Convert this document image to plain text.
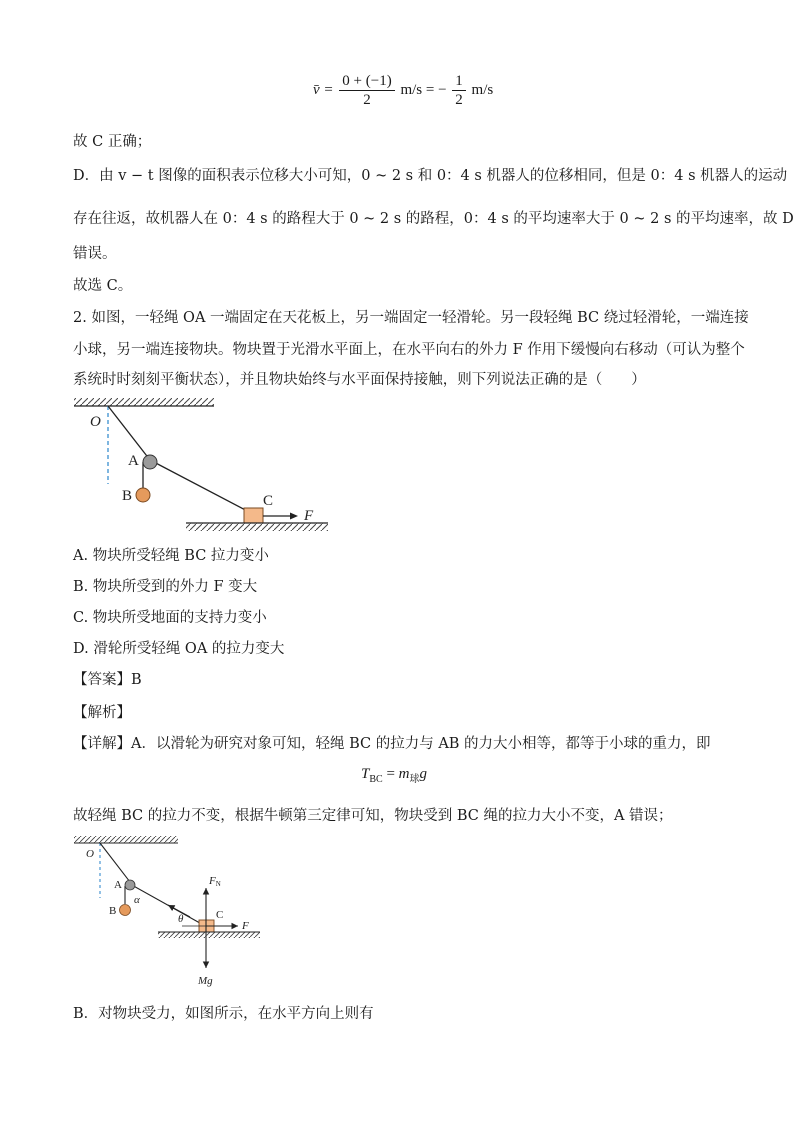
v̄ = $\frac{0 + (-1)}{2} m/s$ = − $\frac{1}{2} m/s$
故 C 正确；
D．由 v − t 图像的面积表示位移大小可知，0 ~ 2 s 和 0：4 s 机器人的位移相同，但是 0：4 s 机器人的运动
存在往返，故机器人在 0：4 s 的路程大于 0 ~ 2 s 的路程，0：4 s 的平均速率大于 0 ~ 2 s 的平均速率，故 D
错误。
故选 C。
2. 如图，一轻绳 OA 一端固定在天花板上，另一端固定一轻滑轮。另一段轻绳 BC 绕过轻滑轮，一端连接
小球，另一端连接物块。物块置于光滑水平面上，在水平向右的外力 F 作用下缓慢向右移动（可认为整个
系统时时刻刻平衡状态），并且物块始终与水平面保持接触，则下列说法正确的是（　　）
O
A
B	C
F
A. 物块所受轻绳 BC 拉力变小
B. 物块所受到的外力 F 变大
C. 物块所受地面的支持力变小
D. 滑轮所受轻绳 OA 的拉力变大
【答案】B
【解析】
【详解】A．以滑轮为研究对象可知，轻绳 BC 的拉力与 AB 的力大小相等，都等于小球的重力，即
$T_{BC} = m_球g$
故轻绳 BC 的拉力不变，根据牛顿第三定律可知，物块受到 BC 绳的拉力大小不变，A 错误；
O
A
B
α
θ	C
F
FN
Mg
B．对物块受力，如图所示，在水平方向上则有
